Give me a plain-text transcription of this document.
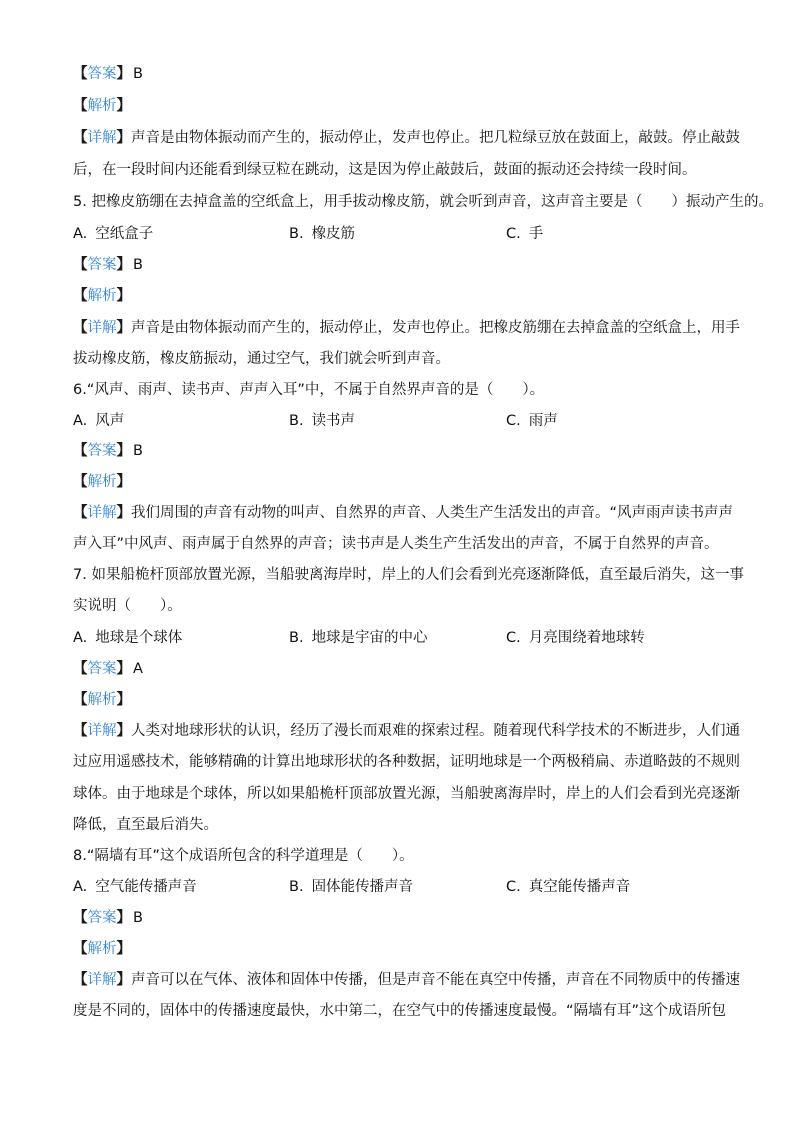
【答案】 B
【解析】
【详解】声音是由物体振动而产生的，振动停止，发声也停止。把几粒绿豆放在鼓面上，敲鼓。停止敲鼓
后，在一段时间内还能看到绿豆粒在跳动，这是因为停止敲鼓后，鼓面的振动还会持续一段时间。
5. 把橡皮筋绷在去掉盒盖的空纸盒上，用手拔动橡皮筋，就会听到声音，这声音主要是（　　）振动产生的。
A. 空纸盒子	B. 橡皮筋	C. 手
【答案】 B
【解析】
【详解】声音是由物体振动而产生的，振动停止，发声也停止。把橡皮筋绷在去掉盒盖的空纸盒上，用手
拔动橡皮筋，橡皮筋振动，通过空气，我们就会听到声音。
6.“风声、雨声、读书声、声声入耳”中，不属于自然界声音的是（　　）。
A. 风声	B. 读书声	C. 雨声
【答案】 B
【解析】
【详解】我们周围的声音有动物的叫声、自然界的声音、人类生产生活发出的声音。“风声雨声读书声声
声入耳”中风声、雨声属于自然界的声音；读书声是人类生产生活发出的声音，不属于自然界的声音。
7. 如果船桅杆顶部放置光源，当船驶离海岸时，岸上的人们会看到光亮逐渐降低，直至最后消失，这一事
实说明（　　）。
A. 地球是个球体	B. 地球是宇宙的中心	C. 月亮围绕着地球转
【答案】 A
【解析】
【详解】人类对地球形状的认识，经历了漫长而艰难的探索过程。随着现代科学技术的不断进步，人们通
过应用遥感技术，能够精确的计算出地球形状的各种数据，证明地球是一个两极稍扁、赤道略鼓的不规则
球体。由于地球是个球体，所以如果船桅杆顶部放置光源，当船驶离海岸时，岸上的人们会看到光亮逐渐
降低，直至最后消失。
8.“隔墙有耳”这个成语所包含的科学道理是（　　）。
A. 空气能传播声音	B. 固体能传播声音	C. 真空能传播声音
【答案】 B
【解析】
【详解】声音可以在气体、液体和固体中传播，但是声音不能在真空中传播，声音在不同物质中的传播速
度是不同的，固体中的传播速度最快，水中第二，在空气中的传播速度最慢。“隔墙有耳”这个成语所包
